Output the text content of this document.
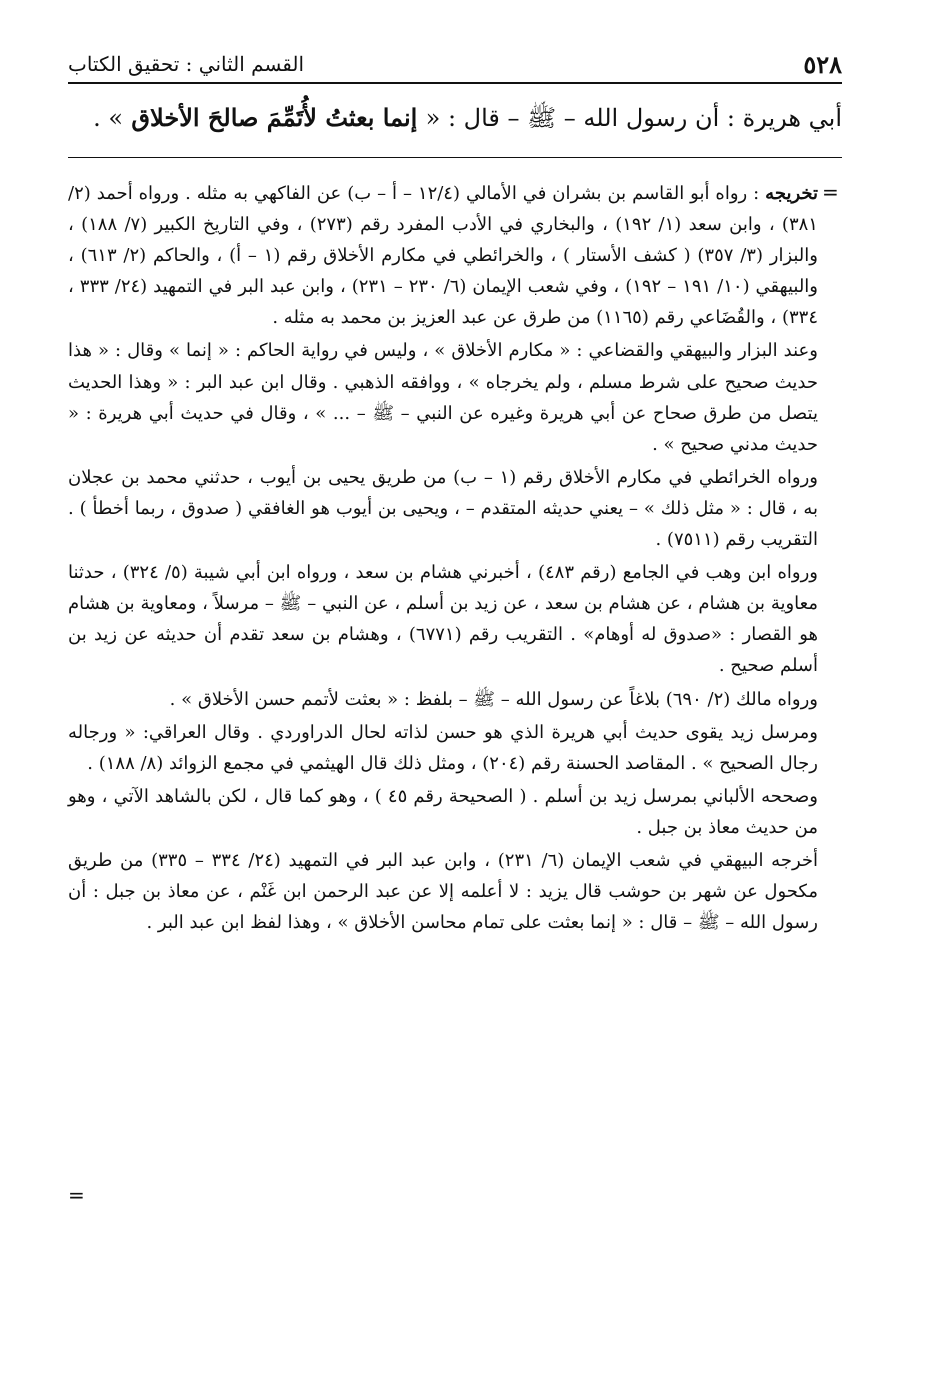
٥٢٨
القسم الثاني : تحقيق الكتاب
أبي هريرة : أن رسول الله – ﷺ – قال : « إنما بعثتُ لأُتَمِّمَ صالحَ الأخلاق » .
=

تخريجه : رواه أبو القاسم بن بشران في الأمالي (١٢/٤ – أ – ب) عن الفاكهي به مثله . ورواه أحمد (٢/ ٣٨١) ، وابن سعد (١/ ١٩٢) ، والبخاري في الأدب المفرد رقم (٢٧٣) ، وفي التاريخ الكبير (٧/ ١٨٨) ، والبزار (٣/ ٣٥٧) ( كشف الأستار ) ، والخرائطي في مكارم الأخلاق رقم (١ – أ) ، والحاكم (٢/ ٦١٣) ، والبيهقي (١٠/ ١٩١ – ١٩٢) ، وفي شعب الإيمان (٦/ ٢٣٠ – ٢٣١) ، وابن عبد البر في التمهيد (٢٤/ ٣٣٣ ، ٣٣٤) ، والقُضَاعي رقم (١١٦٥) من طرق عن عبد العزيز بن محمد به مثله .

وعند البزار والبيهقي والقضاعي : « مكارم الأخلاق » ، وليس في رواية الحاكم : « إنما » وقال : « هذا حديث صحيح على شرط مسلم ، ولم يخرجاه » ، ووافقه الذهبي . وقال ابن عبد البر : « وهذا الحديث يتصل من طرق صحاح عن أبي هريرة وغيره عن النبي – ﷺ – ... » ، وقال في حديث أبي هريرة : « حديث مدني صحيح » .

ورواه الخرائطي في مكارم الأخلاق رقم (١ – ب) من طريق يحيى بن أيوب ، حدثني محمد بن عجلان به ، قال : « مثل ذلك » – يعني حديثه المتقدم – ، ويحيى بن أيوب هو الغافقي ( صدوق ، ربما أخطأ ) . التقريب رقم (٧٥١١) .

ورواه ابن وهب في الجامع (رقم ٤٨٣) ، أخبرني هشام بن سعد ، ورواه ابن أبي شيبة (٥/ ٣٢٤) ، حدثنا معاوية بن هشام ، عن هشام بن سعد ، عن زيد بن أسلم ، عن النبي – ﷺ – مرسلاً ، ومعاوية بن هشام هو القصار : «صدوق له أوهام» . التقريب رقم (٦٧٧١) ، وهشام بن سعد تقدم أن حديثه عن زيد بن أسلم صحيح .

ورواه مالك (٢/ ٦٩٠) بلاغاً عن رسول الله – ﷺ – بلفظ : « بعثت لأتمم حسن الأخلاق » .

ومرسل زيد يقوى حديث أبي هريرة الذي هو حسن لذاته لحال الدراوردي . وقال العراقي: « ورجاله رجال الصحيح » . المقاصد الحسنة رقم (٢٠٤) ، ومثل ذلك قال الهيثمي في مجمع الزوائد (٨/ ١٨٨) .

وصححه الألباني بمرسل زيد بن أسلم . ( الصحيحة رقم ٤٥ ) ، وهو كما قال ، لكن بالشاهد الآتي ، وهو من حديث معاذ بن جبل .

أخرجه البيهقي في شعب الإيمان (٦/ ٢٣١) ، وابن عبد البر في التمهيد (٢٤/ ٣٣٤ – ٣٣٥) من طريق مكحول عن شهر بن حوشب قال يزيد : لا أعلمه إلا عن عبد الرحمن ابن غَنْم ، عن معاذ بن جبل : أن رسول الله – ﷺ – قال : « إنما بعثت على تمام محاسن الأخلاق » ، وهذا لفظ ابن عبد البر .

=
